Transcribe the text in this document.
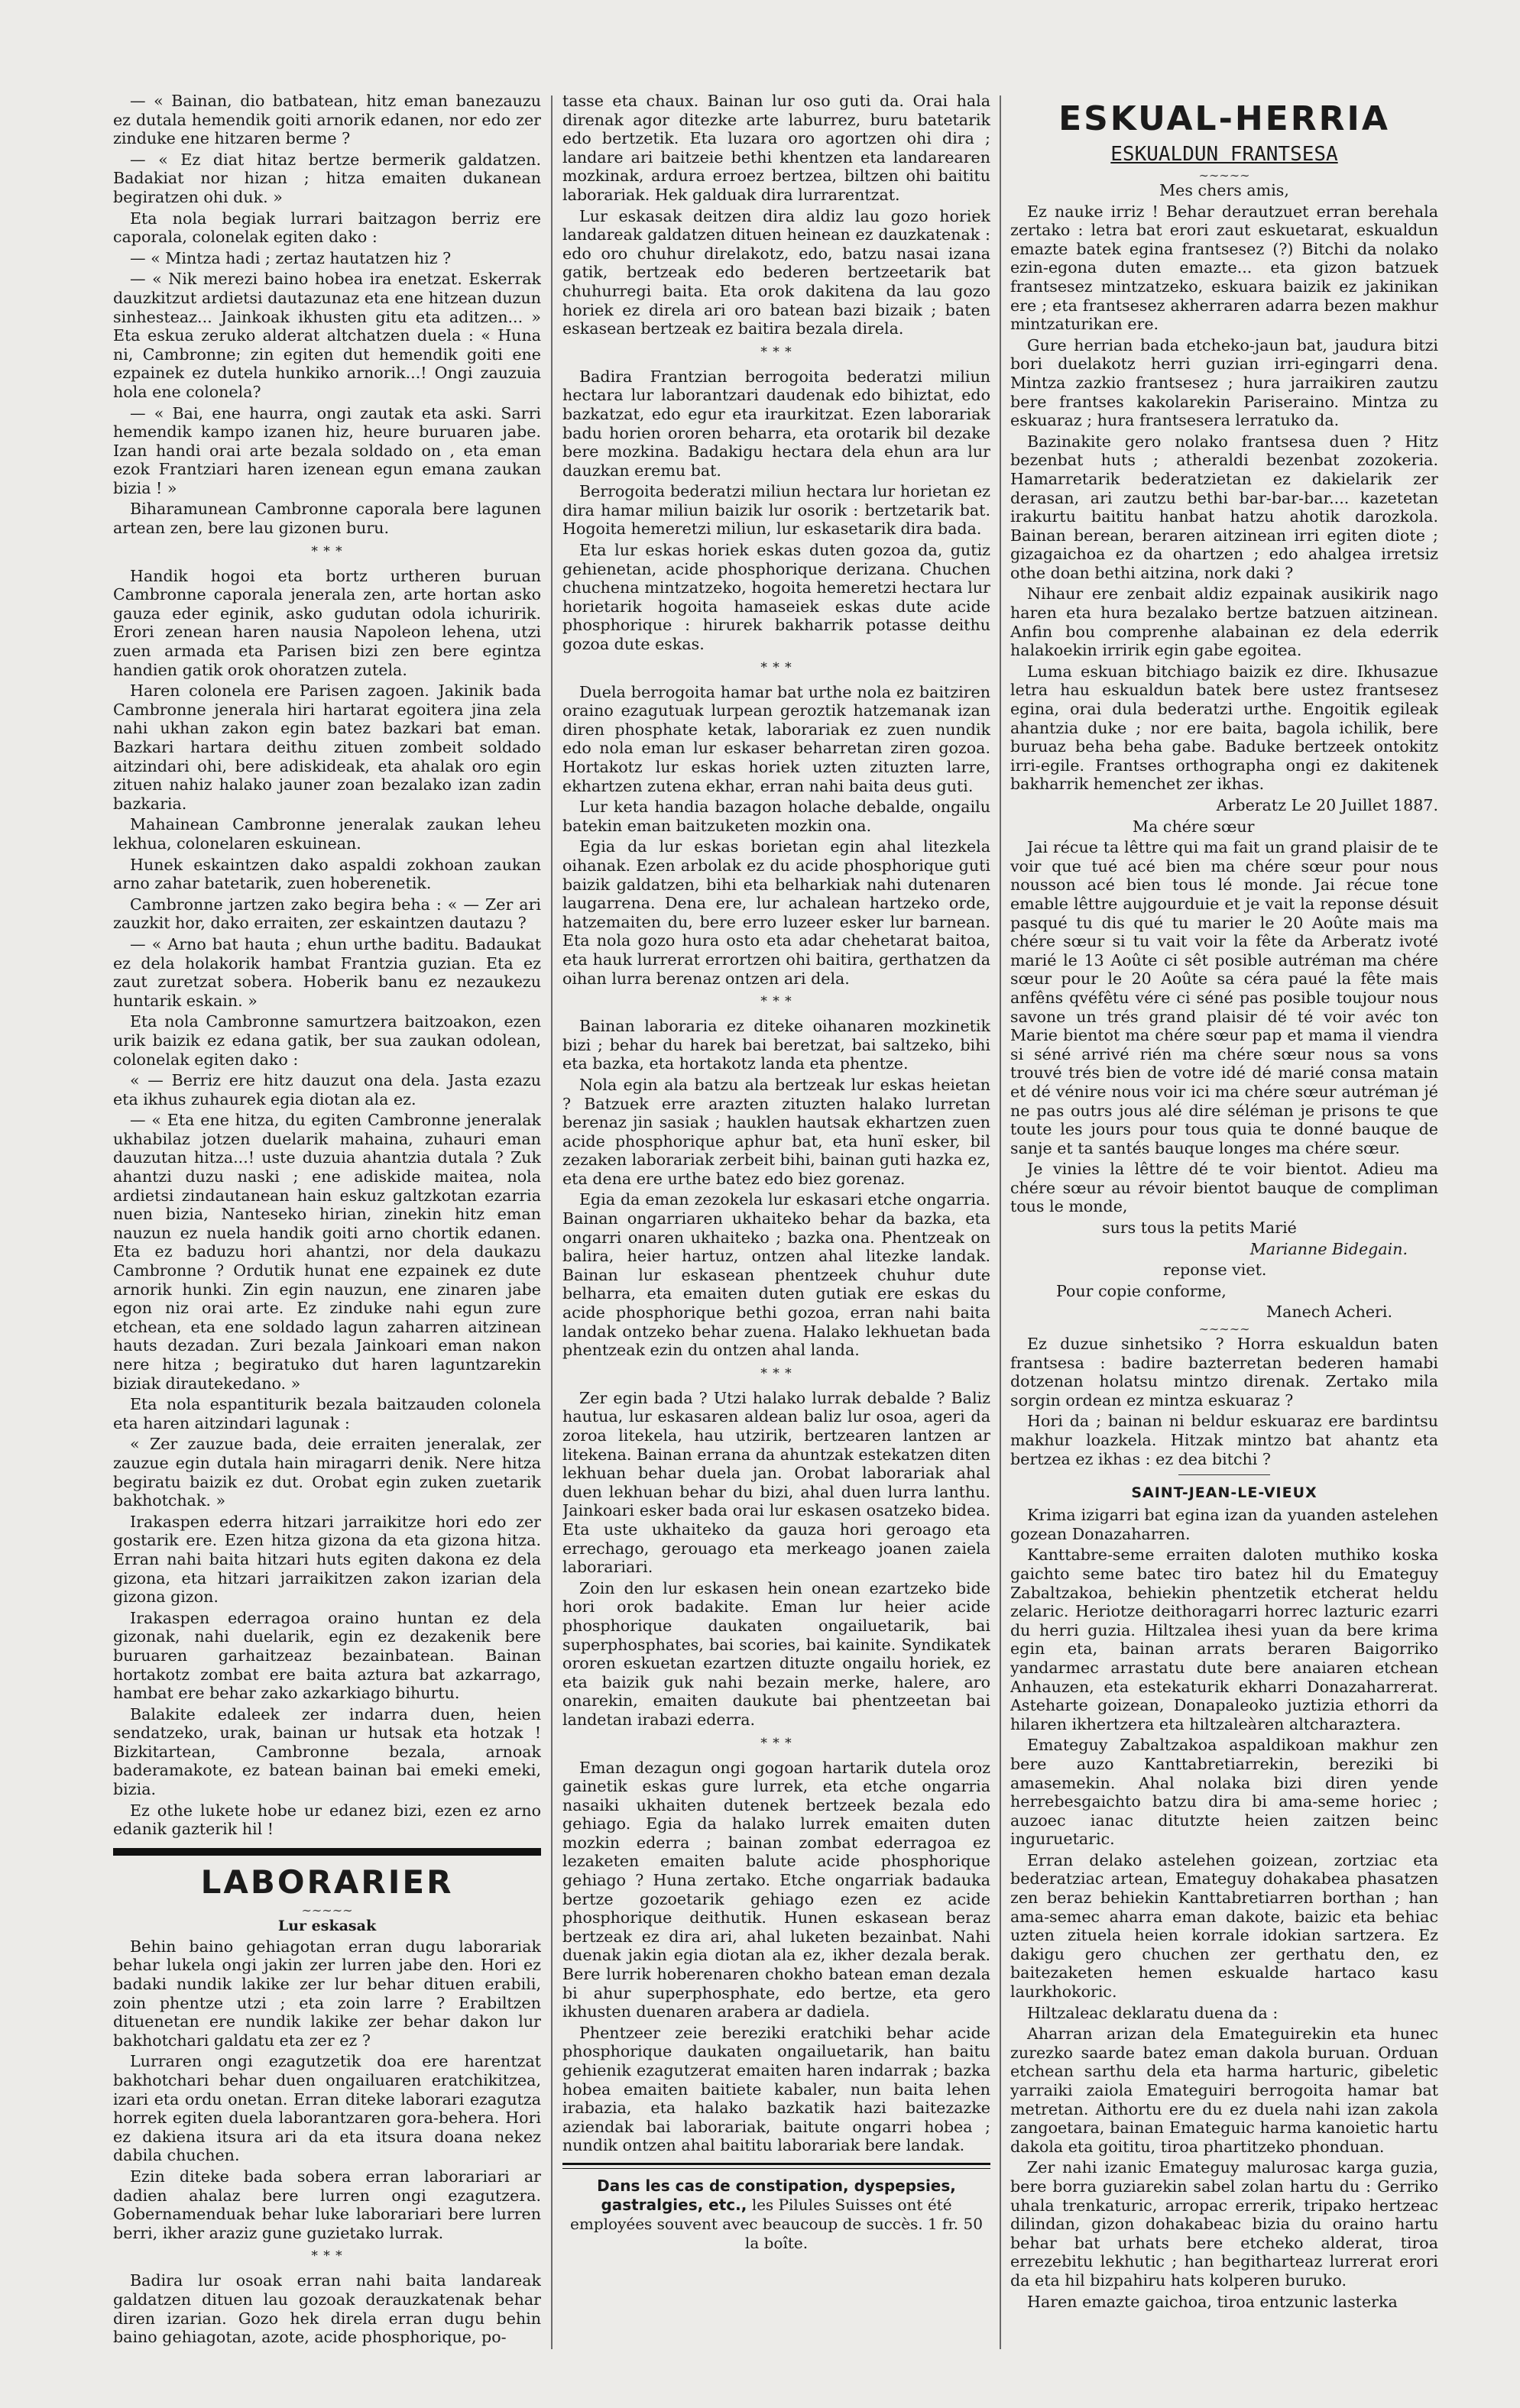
— « Bainan, dio batbatean, hitz eman banezauzu ez dutala hemendik goiti arnorik edanen, nor edo zer zinduke ene hitzaren berme ?

— « Ez diat hitaz bertze bermerik galdatzen. Badakiat nor hizan ; hitza emaiten dukanean begiratzen ohi duk. »

Eta nola begiak lurrari baitzagon berriz ere caporala, colonelak egiten dako :

— « Mintza hadi ; zertaz hautatzen hiz ?

— « Nik merezi baino hobea ira enetzat. Eskerrak dauzkitzut ardietsi dautazunaz eta ene hitzean duzun sinhesteaz... Jainkoak ikhusten gitu eta aditzen... » Eta eskua zeruko alderat altchatzen duela : « Huna ni, Cambronne; zin egiten dut hemendik goiti ene ezpainek ez dutela hunkiko arnorik...! Ongi zauzuia hola ene colonela?

— « Bai, ene haurra, ongi zautak eta aski. Sarri hemendik kampo izanen hiz, heure buruaren jabe. Izan handi orai arte bezala soldado on , eta eman ezok Frantziari haren izenean egun emana zaukan bizia ! »

Biharamunean Cambronne caporala bere lagunen artean zen, bere lau gizonen buru.

* * *

Handik hogoi eta bortz urtheren buruan Cambronne caporala jenerala zen, arte hortan asko gauza eder eginik, asko gudutan odola ichuririk. Erori zenean haren nausia Napoleon lehena, utzi zuen armada eta Parisen bizi zen bere egintza handien gatik orok ohoratzen zutela.

Haren colonela ere Parisen zagoen. Jakinik bada Cambronne jenerala hiri hartarat egoitera jina zela nahi ukhan zakon egin batez bazkari bat eman. Bazkari hartara deithu zituen zombeit soldado aitzindari ohi, bere adiskideak, eta ahalak oro egin zituen nahiz halako jauner zoan bezalako izan zadin bazkaria.

Mahainean Cambronne jeneralak zaukan leheu lekhua, colonelaren eskuinean.

Hunek eskaintzen dako aspaldi zokhoan zaukan arno zahar batetarik, zuen hoberenetik.

Cambronne jartzen zako begira beha : « — Zer ari zauzkit hor, dako erraiten, zer eskaintzen dautazu ?

— « Arno bat hauta ; ehun urthe baditu. Badaukat ez dela holakorik hambat Frantzia guzian. Eta ez zaut zuretzat sobera. Hoberik banu ez nezaukezu huntarik eskain. »

Eta nola Cambronne samurtzera baitzoakon, ezen urik baizik ez edana gatik, ber sua zaukan odolean, colonelak egiten dako :

« — Berriz ere hitz dauzut ona dela. Jasta ezazu eta ikhus zuhaurek egia diotan ala ez.

— « Eta ene hitza, du egiten Cambronne jeneralak ukhabilaz jotzen duelarik mahaina, zuhauri eman dauzutan hitza...! uste duzuia ahantzia dutala ? Zuk ahantzi duzu naski ; ene adiskide maitea, nola ardietsi zindautanean hain eskuz galtzkotan ezarria nuen bizia, Nanteseko hirian, zinekin hitz eman nauzun ez nuela handik goiti arno chortik edanen. Eta ez baduzu hori ahantzi, nor dela daukazu Cambronne ? Ordutik hunat ene ezpainek ez dute arnorik hunki. Zin egin nauzun, ene zinaren jabe egon niz orai arte. Ez zinduke nahi egun zure etchean, eta ene soldado lagun zaharren aitzinean hauts dezadan. Zuri bezala Jainkoari eman nakon nere hitza ; begiratuko dut haren laguntzarekin biziak dirautekedano. »

Eta nola espantiturik bezala baitzauden colonela eta haren aitzindari lagunak :

« Zer zauzue bada, deie erraiten jeneralak, zer zauzue egin dutala hain miragarri denik. Nere hitza begiratu baizik ez dut. Orobat egin zuken zuetarik bakhotchak. »

Irakaspen ederra hitzari jarraikitze hori edo zer gostarik ere. Ezen hitza gizona da eta gizona hitza. Erran nahi baita hitzari huts egiten dakona ez dela gizona, eta hitzari jarraikitzen zakon izarian dela gizona gizon.

Irakaspen ederragoa oraino huntan ez dela gizonak, nahi duelarik, egin ez dezakenik bere buruaren garhaitzeaz bezainbatean. Bainan hortakotz zombat ere baita aztura bat azkarrago, hambat ere behar zako azkarkiago bihurtu.

Balakite edaleek zer indarra duen, heien sendatzeko, urak, bainan ur hutsak eta hotzak ! Bizkitartean, Cambronne bezala, arnoak baderamakote, ez batean bainan bai emeki emeki, bizia.

Ez othe lukete hobe ur edanez bizi, ezen ez arno edanik gazterik hil !

LABORARIER
∼∼∼∼∼
Lur eskasak

Behin baino gehiagotan erran dugu laborariak behar lukela ongi jakin zer lurren jabe den. Hori ez badaki nundik lakike zer lur behar dituen erabili, zoin phentze utzi ; eta zoin larre ? Erabiltzen dituenetan ere nundik lakike zer behar dakon lur bakhotchari galdatu eta zer ez ?

Lurraren ongi ezagutzetik doa ere harentzat bakhotchari behar duen ongailuaren eratchikitzea, izari eta ordu onetan. Erran diteke laborari ezagutza horrek egiten duela laborantzaren gora-behera. Hori ez dakiena itsura ari da eta itsura doana nekez dabila chuchen.

Ezin diteke bada sobera erran laborariari ar dadien ahalaz bere lurren ongi ezagutzera. Gobernamenduak behar luke laborariari bere lurren berri, ikher araziz gune guzietako lurrak.

* * *

Badira lur osoak erran nahi baita landareak galdatzen dituen lau gozoak derauzkatenak behar diren izarian. Gozo hek direla erran dugu behin baino gehiagotan, azote, acide phosphorique, po-

tasse eta chaux. Bainan lur oso guti da. Orai hala direnak agor ditezke arte laburrez, buru batetarik edo bertzetik. Eta luzara oro agortzen ohi dira ; landare ari baitzeie bethi khentzen eta landarearen mozkinak, ardura erroez bertzea, biltzen ohi baititu laborariak. Hek galduak dira lurrarentzat.

Lur eskasak deitzen dira aldiz lau gozo horiek landareak galdatzen dituen heinean ez dauzkatenak : edo oro chuhur direlakotz, edo, batzu nasai izana gatik, bertzeak edo bederen bertzeetarik bat chuhurregi baita. Eta orok dakitena da lau gozo horiek ez direla ari oro batean bazi bizaik ; baten eskasean bertzeak ez baitira bezala direla.

* * *

Badira Frantzian berrogoita bederatzi miliun hectara lur laborantzari daudenak edo bihiztat, edo bazkatzat, edo egur eta iraurkitzat. Ezen laborariak badu horien ororen beharra, eta orotarik bil dezake bere mozkina. Badakigu hectara dela ehun ara lur dauzkan eremu bat.

Berrogoita bederatzi miliun hectara lur horietan ez dira hamar miliun baizik lur osorik : bertzetarik bat. Hogoita hemeretzi miliun, lur eskasetarik dira bada.

Eta lur eskas horiek eskas duten gozoa da, gutiz gehienetan, acide phosphorique derizana. Chuchen chuchena mintzatzeko, hogoita hemeretzi hectara lur horietarik hogoita hamaseiek eskas dute acide phosphorique : hirurek bakharrik potasse deithu gozoa dute eskas.

* * *

Duela berrogoita hamar bat urthe nola ez baitziren oraino ezagutuak lurpean geroztik hatzemanak izan diren phosphate ketak, laborariak ez zuen nundik edo nola eman lur eskaser beharretan ziren gozoa. Hortakotz lur eskas horiek uzten zituzten larre, ekhartzen zutena ekhar, erran nahi baita deus guti.

Lur keta handia bazagon holache debalde, ongailu batekin eman baitzuketen mozkin ona.

Egia da lur eskas borietan egin ahal litezkela oihanak. Ezen arbolak ez du acide phosphorique guti baizik galdatzen, bihi eta belharkiak nahi dutenaren laugarrena. Dena ere, lur achalean hartzeko orde, hatzemaiten du, bere erro luzeer esker lur barnean. Eta nola gozo hura osto eta adar chehetarat baitoa, eta hauk lurrerat errortzen ohi baitira, gerthatzen da oihan lurra berenaz ontzen ari dela.

* * *

Bainan laboraria ez diteke oihanaren mozkinetik bizi ; behar du harek bai beretzat, bai saltzeko, bihi eta bazka, eta hortakotz landa eta phentze.

Nola egin ala batzu ala bertzeak lur eskas heietan ? Batzuek erre arazten zituzten halako lurretan berenaz jin sasiak ; hauklen hautsak ekhartzen zuen acide phosphorique aphur bat, eta hunï esker, bil zezaken laborariak zerbeit bihi, bainan guti hazka ez, eta dena ere urthe batez edo biez gorenaz.

Egia da eman zezokela lur eskasari etche ongarria. Bainan ongarriaren ukhaiteko behar da bazka, eta ongarri onaren ukhaiteko ; bazka ona. Phentzeak on balira, heier hartuz, ontzen ahal litezke landak. Bainan lur eskasean phentzeek chuhur dute belharra, eta emaiten duten gutiak ere eskas du acide phosphorique bethi gozoa, erran nahi baita landak ontzeko behar zuena. Halako lekhuetan bada phentzeak ezin du ontzen ahal landa.

* * *

Zer egin bada ? Utzi halako lurrak debalde ? Baliz hautua, lur eskasaren aldean baliz lur osoa, ageri da zoroa litekela, hau utzirik, bertzearen lantzen ar litekena. Bainan errana da ahuntzak estekatzen diten lekhuan behar duela jan. Orobat laborariak ahal duen lekhuan behar du bizi, ahal duen lurra lanthu. Jainkoari esker bada orai lur eskasen osatzeko bidea. Eta uste ukhaiteko da gauza hori geroago eta errechago, gerouago eta merkeago joanen zaiela laborariari.

Zoin den lur eskasen hein onean ezartzeko bide hori orok badakite. Eman lur heier acide phosphorique daukaten ongailuetarik, bai superphosphates, bai scories, bai kainite. Syndikatek ororen eskuetan ezartzen dituzte ongailu horiek, ez eta baizik guk nahi bezain merke, halere, aro onarekin, emaiten daukute bai phentzeetan bai landetan irabazi ederra.

* * *

Eman dezagun ongi gogoan hartarik dutela oroz gainetik eskas gure lurrek, eta etche ongarria nasaiki ukhaiten dutenek bertzeek bezala edo gehiago. Egia da halako lurrek emaiten duten mozkin ederra ; bainan zombat ederragoa ez lezaketen emaiten balute acide phosphorique gehiago ? Huna zertako. Etche ongarriak badauka bertze gozoetarik gehiago ezen ez acide phosphorique deithutik. Hunen eskasean beraz bertzeak ez dira ari, ahal luketen bezainbat. Nahi duenak jakin egia diotan ala ez, ikher dezala berak. Bere lurrik hoberenaren chokho batean eman dezala bi ahur superphosphate, edo bertze, eta gero ikhusten duenaren arabera ar dadiela.

Phentzeer zeie bereziki eratchiki behar acide phosphorique daukaten ongailuetarik, han baitu gehienik ezagutzerat emaiten haren indarrak ; bazka hobea emaiten baitiete kabaler, nun baita lehen irabazia, eta halako bazkatik hazi baitezazke aziendak bai laborariak, baitute ongarri hobea ; nundik ontzen ahal baititu laborariak bere landak.

Dans les cas de constipation, dyspepsies, gastralgies, etc., les Pilules Suisses ont été employées souvent avec beaucoup de succès. 1 fr. 50 la boîte.
ESKUAL-HERRIA
ESKUALDUN FRANTSESA
∼∼∼∼∼

Mes chers amis,

Ez nauke irriz ! Behar derautzuet erran berehala zertako : letra bat erori zaut eskuetarat, eskualdun emazte batek egina frantsesez (?) Bitchi da nolako ezin-egona duten emazte... eta gizon batzuek frantsesez mintzatzeko, eskuara baizik ez jakinikan ere ; eta frantsesez akherraren adarra bezen makhur mintzaturikan ere.

Gure herrian bada etcheko-jaun bat, jaudura bitzi bori duelakotz herri guzian irri-egingarri dena. Mintza zazkio frantsesez ; hura jarraikiren zautzu bere frantses kakolarekin Pariseraino. Mintza zu eskuaraz ; hura frantsesera lerratuko da.

Bazinakite gero nolako frantsesa duen ? Hitz bezenbat huts ; atheraldi bezenbat zozokeria. Hamarretarik bederatzietan ez dakielarik zer derasan, ari zautzu bethi bar-bar-bar.... kazetetan irakurtu baititu hanbat hatzu ahotik darozkola. Bainan berean, beraren aitzinean irri egiten diote ; gizagaichoa ez da ohartzen ; edo ahalgea irretsiz othe doan bethi aitzina, nork daki ?

Nihaur ere zenbait aldiz ezpainak ausikirik nago haren eta hura bezalako bertze batzuen aitzinean. Anfin bou comprenhe alabainan ez dela ederrik halakoekin irririk egin gabe egoitea.

Luma eskuan bitchiago baizik ez dire. Ikhusazue letra hau eskualdun batek bere ustez frantsesez egina, orai dula bederatzi urthe. Engoitik egileak ahantzia duke ; nor ere baita, bagola ichilik, bere buruaz beha beha gabe. Baduke bertzeek ontokitz irri-egile. Frantses orthographa ongi ez dakitenek bakharrik hemenchet zer ikhas.

Arberatz Le 20 Juillet 1887.

Ma chére sœur

Jai récue ta lêttre qui ma fait un grand plaisir de te voir que tué acé bien ma chére sœur pour nous nousson acé bien tous lé monde. Jai récue tone emable lêttre aujgourduie et je vait la reponse désuit pasqué tu dis qué tu marier le 20 Aoûte mais ma chére sœur si tu vait voir la fête da Arberatz ivoté marié le 13 Aoûte ci sêt posible autréman ma chére sœur pour le 20 Aoûte sa céra paué la fête mais anfêns qvéfêtu vére ci séné pas posible toujour nous savone un trés grand plaisir dé té voir avéc ton Marie bientot ma chére sœur pap et mama il viendra si séné arrivé rién ma chére sœur nous sa vons trouvé trés bien de votre idé dé marié consa matain et dé vénire nous voir ici ma chére sœur autréman jé ne pas outrs jous alé dire séléman je prisons te que toute les jours pour tous quia te donné bauque de sanje et ta santés bauque longes ma chére sœur.

Je vinies la lêttre dé te voir bientot. Adieu ma chére sœur au révoir bientot bauque de compliman tous le monde,

surs tous la petits Marié

Marianne Bidegain.

reponse viet.

Pour copie conforme,

Manech Acheri.

∼∼∼∼∼

Ez duzue sinhetsiko ? Horra eskualdun baten frantsesa : badire bazterretan bederen hamabi dotzenan holatsu mintzo direnak. Zertako mila sorgin ordean ez mintza eskuaraz ?

Hori da ; bainan ni beldur eskuaraz ere bardintsu makhur loazkela. Hitzak mintzo bat ahantz eta bertzea ez ikhas : ez dea bitchi ?

SAINT-JEAN-LE-VIEUX

Krima izigarri bat egina izan da yuanden astelehen gozean Donazaharren.

Kanttabre-seme erraiten daloten muthiko koska gaichto seme batec tiro batez hil du Emateguy Zabaltzakoa, behiekin phentzetik etcherat heldu zelaric. Heriotze deithoragarri horrec lazturic ezarri du herri guzia. Hiltzalea ihesi yuan da bere krima egin eta, bainan arrats beraren Baigorriko yandarmec arrastatu dute bere anaiaren etchean Anhauzen, eta estekaturik ekharri Donazaharrerat. Asteharte goizean, Donapaleoko juztizia ethorri da hilaren ikhertzera eta hiltzaleàren altcharaztera.

Emateguy Zabaltzakoa aspaldikoan makhur zen bere auzo Kanttabretiarrekin, bereziki bi amasemekin. Ahal nolaka bizi diren yende herrebesgaichto batzu dira bi ama-seme horiec ; auzoec ianac ditutzte heien zaitzen beinc inguruetaric.

Erran delako astelehen goizean, zortziac eta bederatziac artean, Emateguy dohakabea phasatzen zen beraz behiekin Kanttabretiarren borthan ; han ama-semec aharra eman dakote, baizic eta behiac uzten zituela heien korrale idokian sartzera. Ez dakigu gero chuchen zer gerthatu den, ez baitezaketen hemen eskualde hartaco kasu laurkhokoric.

Hiltzaleac deklaratu duena da :

Aharran arizan dela Emateguirekin eta hunec zurezko saarde batez eman dakola buruan. Orduan etchean sarthu dela eta harma harturic, gibeletic yarraiki zaiola Emateguiri berrogoita hamar bat metretan. Aithortu ere du ez duela nahi izan zakola zangoetara, bainan Emateguic harma kanoietic hartu dakola eta goititu, tiroa phartitzeko phonduan.

Zer nahi izanic Emateguy malurosac karga guzia, bere borra guziarekin sabel zolan hartu du : Gerriko uhala trenkaturic, arropac errerik, tripako hertzeac dilindan, gizon dohakabeac bizia du oraino hartu behar bat urhats bere etcheko alderat, tiroa errezebitu lekhutic ; han begitharteaz lurrerat erori da eta hil bizpahiru hats kolperen buruko.

Haren emazte gaichoa, tiroa entzunic lasterka
